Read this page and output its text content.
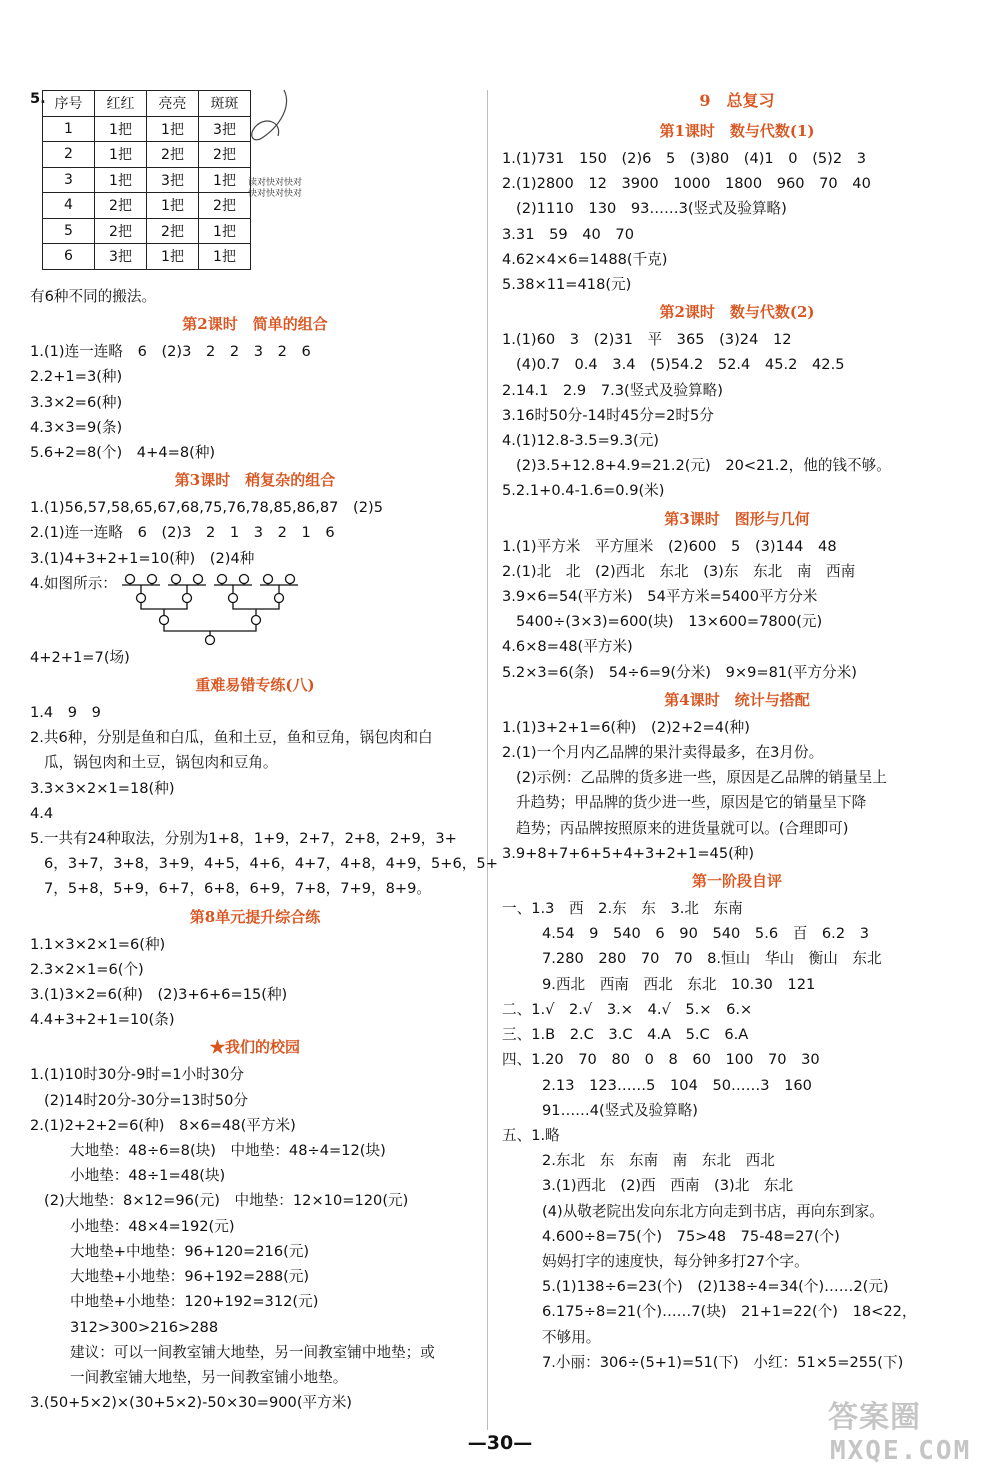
5. 序号	红红	亮亮	斑斑
1	1把	1把	3把
2	1把	2把	2把
3	1把	3把	1把
4	2把	1把	2把
5	2把	2把	1把
6	3把	1把	1把
读对快对快对
快对快对快对

有6种不同的搬法。

第2课时　简单的组合

1.(1)连一连略　6　(2)3　2　2　3　2　6

2.2+1=3(种)

3.3×2=6(种)

4.3×3=9(条)

5.6+2=8(个)　4+4=8(种)

第3课时　稍复杂的组合

1.(1)56,57,58,65,67,68,75,76,78,85,86,87　(2)5

2.(1)连一连略　6　(2)3　2　1　3　2　1　6

3.(1)4+3+2+1=10(种)　(2)4种

4.如图所示：

4+2+1=7(场)

重难易错专练(八)

1.4　9　9

2.共6种，分别是鱼和白瓜，鱼和土豆，鱼和豆角，锅包肉和白

瓜，锅包肉和土豆，锅包肉和豆角。

3.3×3×2×1=18(种)

4.4

5.一共有24种取法，分别为1+8，1+9，2+7，2+8，2+9，3+

6，3+7，3+8，3+9，4+5，4+6，4+7，4+8，4+9，5+6，5+

7，5+8，5+9，6+7，6+8，6+9，7+8，7+9，8+9。

第8单元提升综合练

1.1×3×2×1=6(种)

2.3×2×1=6(个)

3.(1)3×2=6(种)　(2)3+6+6=15(种)

4.4+3+2+1=10(条)

★我们的校园

1.(1)10时30分-9时=1小时30分

(2)14时20分-30分=13时50分

2.(1)2+2+2=6(种)　8×6=48(平方米)

大地垫：48÷6=8(块)　中地垫：48÷4=12(块)

小地垫：48÷1=48(块)

(2)大地垫：8×12=96(元)　中地垫：12×10=120(元)

小地垫：48×4=192(元)

大地垫+中地垫：96+120=216(元)

大地垫+小地垫：96+192=288(元)

中地垫+小地垫：120+192=312(元)

312>300>216>288

建议：可以一间教室铺大地垫，另一间教室铺中地垫；或

一间教室铺大地垫，另一间教室铺小地垫。

3.(50+5×2)×(30+5×2)-50×30=900(平方米)

9　总复习

第1课时　数与代数(1)

1.(1)731　150　(2)6　5　(3)80　(4)1　0　(5)2　3

2.(1)2800　12　3900　1000　1800　960　70　40

(2)1110　130　93……3(竖式及验算略)

3.31　59　40　70

4.62×4×6=1488(千克)

5.38×11=418(元)

第2课时　数与代数(2)

1.(1)60　3　(2)31　平　365　(3)24　12

(4)0.7　0.4　3.4　(5)54.2　52.4　45.2　42.5

2.14.1　2.9　7.3(竖式及验算略)

3.16时50分-14时45分=2时5分

4.(1)12.8-3.5=9.3(元)

(2)3.5+12.8+4.9=21.2(元)　20<21.2，他的钱不够。

5.2.1+0.4-1.6=0.9(米)

第3课时　图形与几何

1.(1)平方米　平方厘米　(2)600　5　(3)144　48

2.(1)北　北　(2)西北　东北　(3)东　东北　南　西南

3.9×6=54(平方米)　54平方米=5400平方分米

5400÷(3×3)=600(块)　13×600=7800(元)

4.6×8=48(平方米)

5.2×3=6(条)　54÷6=9(分米)　9×9=81(平方分米)

第4课时　统计与搭配

1.(1)3+2+1=6(种)　(2)2+2=4(种)

2.(1)一个月内乙品牌的果汁卖得最多，在3月份。

(2)示例：乙品牌的货多进一些，原因是乙品牌的销量呈上

升趋势；甲品牌的货少进一些，原因是它的销量呈下降

趋势；丙品牌按照原来的进货量就可以。(合理即可)

3.9+8+7+6+5+4+3+2+1=45(种)

第一阶段自评

一、1.3　西　2.东　东　3.北　东南

4.54　9　540　6　90　540　5.6　百　6.2　3

7.280　280　70　70　8.恒山　华山　衡山　东北

9.西北　西南　西北　东北　10.30　121

二、1.√　2.√　3.×　4.√　5.×　6.×

三、1.B　2.C　3.C　4.A　5.C　6.A

四、1.20　70　80　0　8　60　100　70　30

2.13　123……5　104　50……3　160

91……4(竖式及验算略)

五、1.略

2.东北　东　东南　南　东北　西北

3.(1)西北　(2)西　西南　(3)北　东北

(4)从敬老院出发向东北方向走到书店，再向东到家。

4.600÷8=75(个)　75>48　75-48=27(个)

妈妈打字的速度快，每分钟多打27个字。

5.(1)138÷6=23(个)　(2)138÷4=34(个)……2(元)

6.175÷8=21(个)……7(块)　21+1=22(个)　18<22，

不够用。

7.小丽：306÷(5+1)=51(下)　小红：51×5=255(下)

—30—
答案圈
MXQE.COM
